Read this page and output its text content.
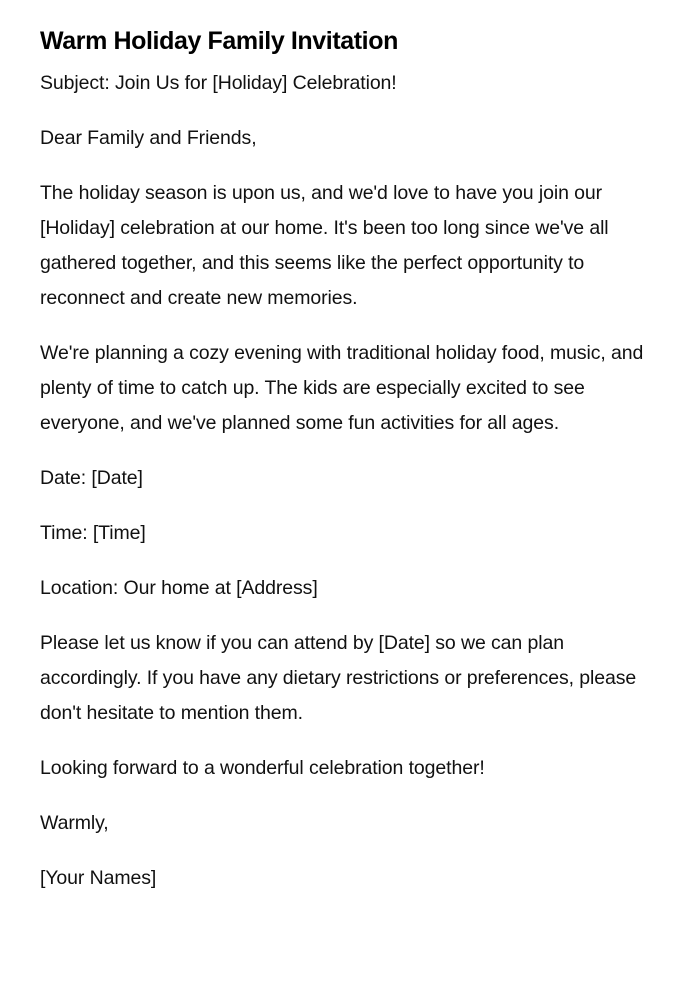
Warm Holiday Family Invitation

Subject: Join Us for [Holiday] Celebration!

Dear Family and Friends,

The holiday season is upon us, and we'd love to have you join our [Holiday] celebration at our home. It's been too long since we've all gathered together, and this seems like the perfect opportunity to reconnect and create new memories.

We're planning a cozy evening with traditional holiday food, music, and plenty of time to catch up. The kids are especially excited to see everyone, and we've planned some fun activities for all ages.

Date: [Date]

Time: [Time]

Location: Our home at [Address]

Please let us know if you can attend by [Date] so we can plan accordingly. If you have any dietary restrictions or preferences, please don't hesitate to mention them.

Looking forward to a wonderful celebration together!

Warmly,

[Your Names]
